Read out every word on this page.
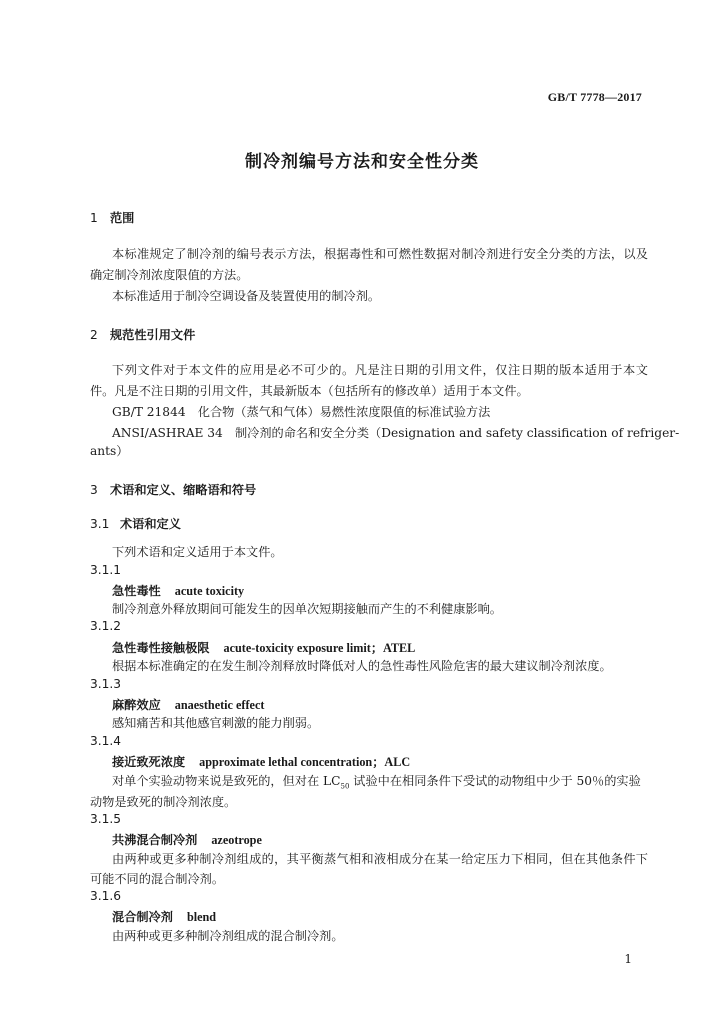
GB/T 7778—2017
制冷剂编号方法和安全性分类
1 范围
本标准规定了制冷剂的编号表示方法，根据毒性和可燃性数据对制冷剂进行安全分类的方法，以及
确定制冷剂浓度限值的方法。
本标准适用于制冷空调设备及装置使用的制冷剂。
2 规范性引用文件
下列文件对于本文件的应用是必不可少的。凡是注日期的引用文件，仅注日期的版本适用于本文
件。凡是不注日期的引用文件，其最新版本（包括所有的修改单）适用于本文件。
GB/T 21844　化合物（蒸气和气体）易燃性浓度限值的标准试验方法
ANSI/ASHRAE 34　制冷剂的命名和安全分类（Designation and safety classification of refriger-
ants）
3 术语和定义、缩略语和符号
3.1 术语和定义
下列术语和定义适用于本文件。
3.1.1
急性毒性 acute toxicity
制冷剂意外释放期间可能发生的因单次短期接触而产生的不利健康影响。
3.1.2
急性毒性接触极限 acute-toxicity exposure limit；ATEL
根据本标准确定的在发生制冷剂释放时降低对人的急性毒性风险危害的最大建议制冷剂浓度。
3.1.3
麻醉效应 anaesthetic effect
感知痛苦和其他感官刺激的能力削弱。
3.1.4
接近致死浓度 approximate lethal concentration；ALC
对单个实验动物来说是致死的，但对在 $LC_{50}$ 试验中在相同条件下受试的动物组中少于 50％的实验
动物是致死的制冷剂浓度。
3.1.5
共沸混合制冷剂 azeotrope
由两种或更多种制冷剂组成的，其平衡蒸气相和液相成分在某一给定压力下相同，但在其他条件下
可能不同的混合制冷剂。
3.1.6
混合制冷剂 blend
由两种或更多种制冷剂组成的混合制冷剂。
1
